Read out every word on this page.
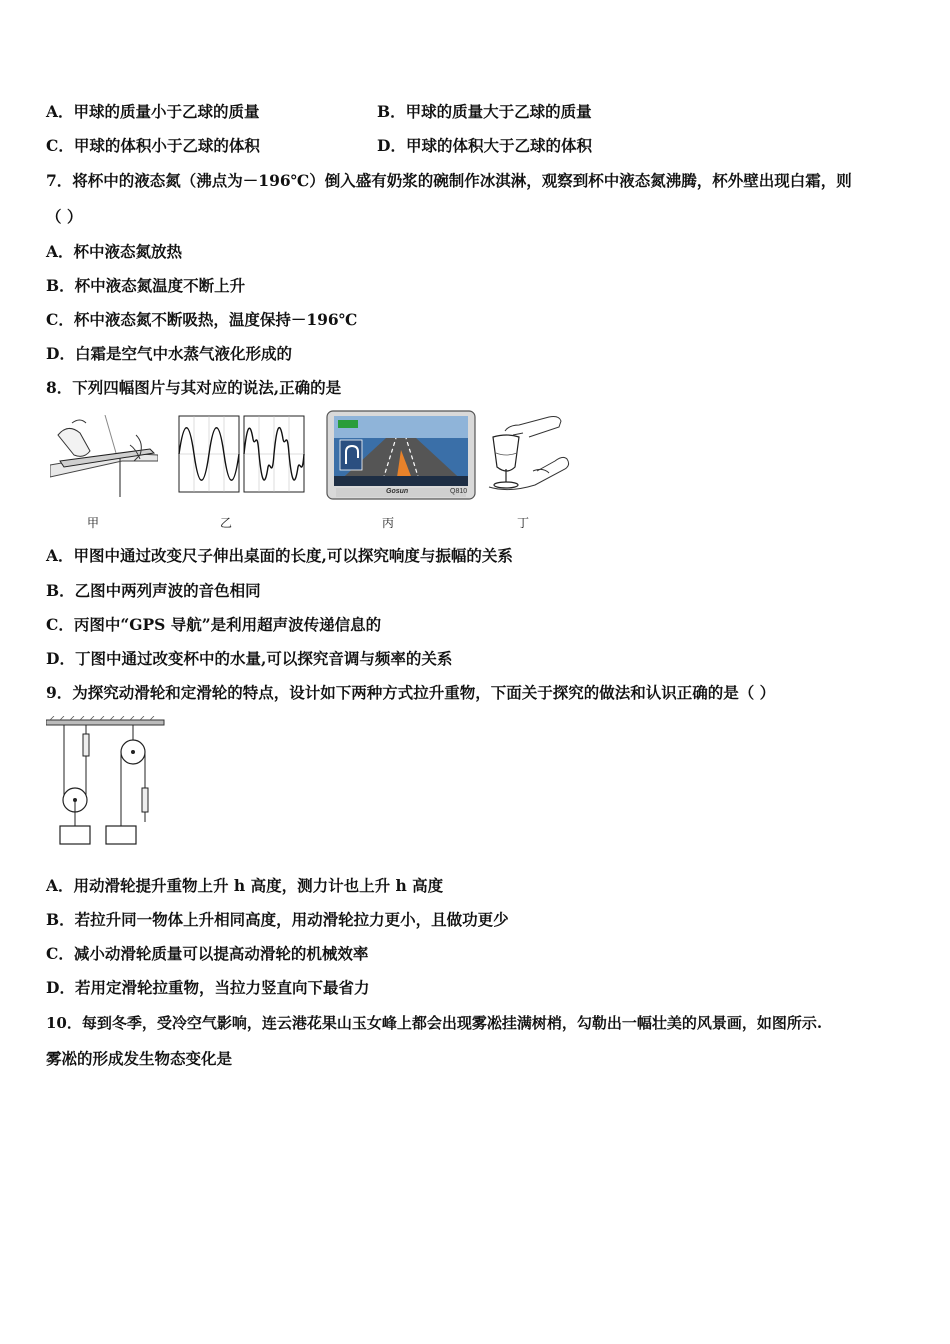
A．甲球的质量小于乙球的质量	B．甲球的质量大于乙球的质量
C．甲球的体积小于乙球的体积	D．甲球的体积大于乙球的体积
7．将杯中的液态氮（沸点为－196℃）倒入盛有奶浆的碗制作冰淇淋，观察到杯中液态氮沸腾，杯外壁出现白霜，则
（ ）
A．杯中液态氮放热
B．杯中液态氮温度不断上升
C．杯中液态氮不断吸热，温度保持－196℃
D．白霜是空气中水蒸气液化形成的
8．下列四幅图片与其对应的说法,正确的是
Gosun	Q810
甲	乙	丙	丁
A．甲图中通过改变尺子伸出桌面的长度,可以探究响度与振幅的关系
B．乙图中两列声波的音色相同
C．丙图中“GPS 导航”是利用超声波传递信息的
D．丁图中通过改变杯中的水量,可以探究音调与频率的关系
9．为探究动滑轮和定滑轮的特点，设计如下两种方式拉升重物，下面关于探究的做法和认识正确的是（ ）
A．用动滑轮提升重物上升 h 高度，测力计也上升 h 高度
B．若拉升同一物体上升相同高度，用动滑轮拉力更小，且做功更少
C．减小动滑轮质量可以提高动滑轮的机械效率
D．若用定滑轮拉重物，当拉力竖直向下最省力
10．每到冬季，受冷空气影响，连云港花果山玉女峰上都会出现雾凇挂满树梢，勾勒出一幅壮美的风景画，如图所示.
雾凇的形成发生物态变化是
